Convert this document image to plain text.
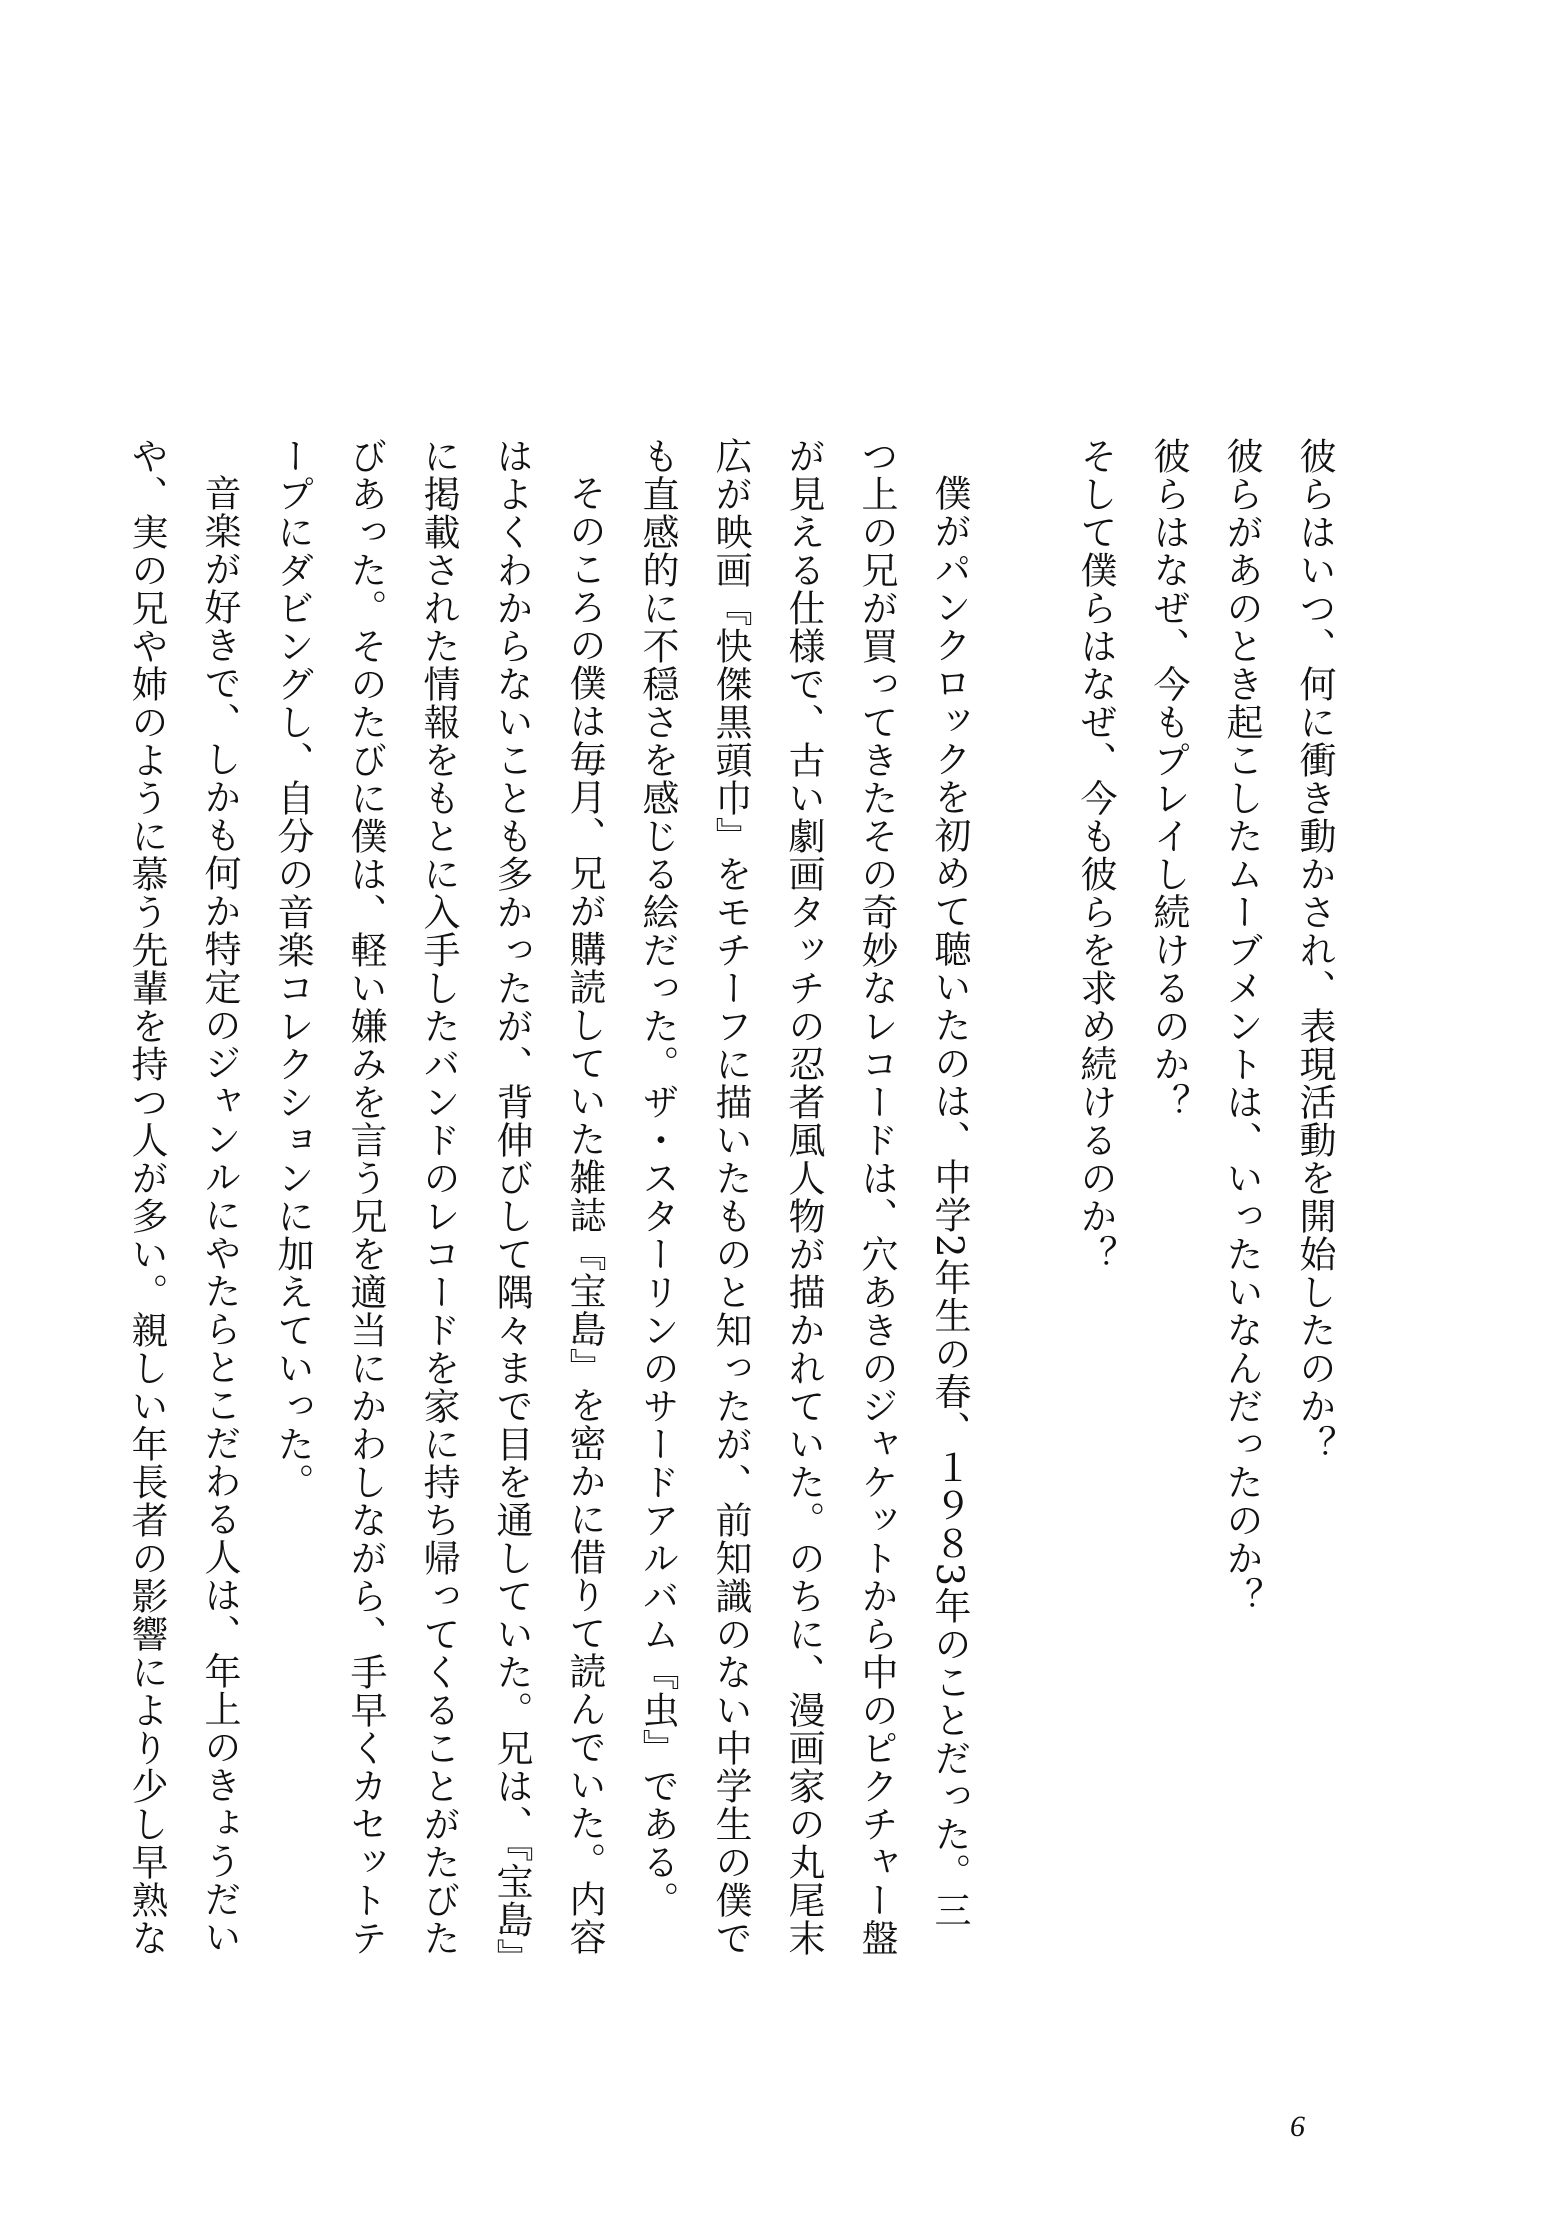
彼らはいつ、何に衝き動かされ、表現活動を開始したのか？

彼らがあのとき起こしたムーブメントは、いったいなんだったのか？

彼らはなぜ、今もプレイし続けるのか？

そして僕らはなぜ、今も彼らを求め続けるのか？

僕がパンクロックを初めて聴いたのは、中学2年生の春、１９８3年のことだった。三

つ上の兄が買ってきたその奇妙なレコードは、穴あきのジャケットから中のピクチャー盤

が見える仕様で、古い劇画タッチの忍者風人物が描かれていた。のちに、漫画家の丸尾末

広が映画『快傑黒頭巾』をモチーフに描いたものと知ったが、前知識のない中学生の僕で

も直感的に不穏さを感じる絵だった。ザ・スターリンのサードアルバム『虫』である。

そのころの僕は毎月、兄が購読していた雑誌『宝島』を密かに借りて読んでいた。内容

はよくわからないことも多かったが、背伸びして隅々まで目を通していた。兄は、『宝島』

に掲載された情報をもとに入手したバンドのレコードを家に持ち帰ってくることがたびた

びあった。そのたびに僕は、軽い嫌みを言う兄を適当にかわしながら、手早くカセットテ

ープにダビングし、自分の音楽コレクションに加えていった。

音楽が好きで、しかも何か特定のジャンルにやたらとこだわる人は、年上のきょうだい

や、実の兄や姉のように慕う先輩を持つ人が多い。親しい年長者の影響により少し早熟な

6
